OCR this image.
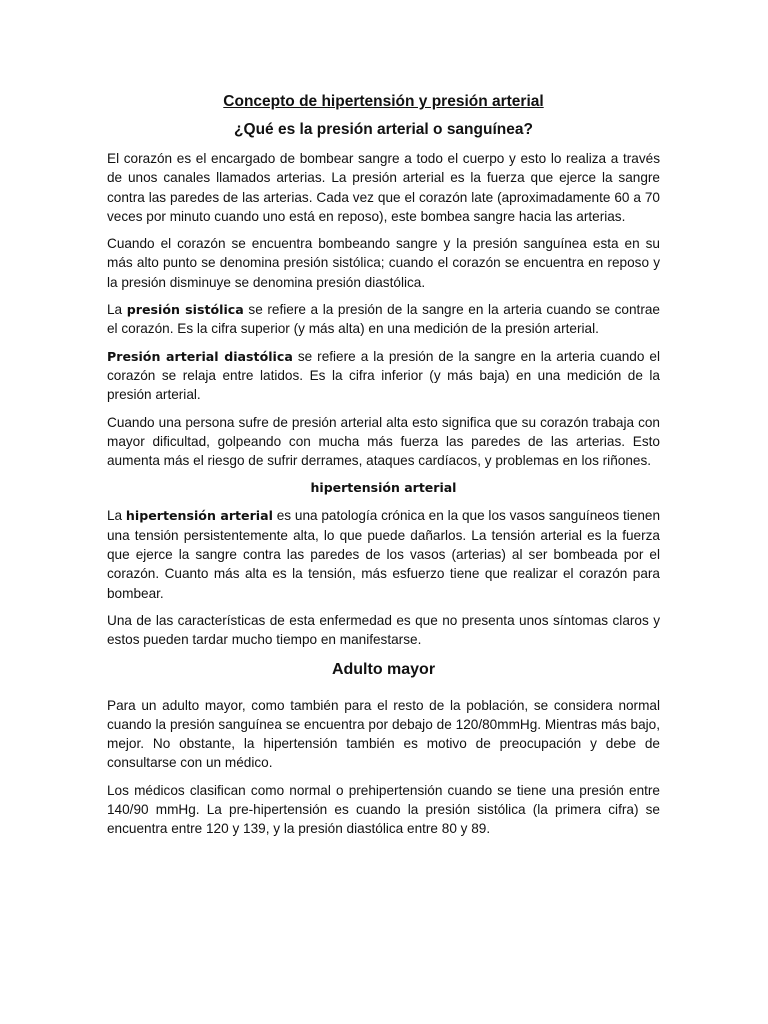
Concepto de hipertensión y presión arterial
¿Qué es la presión arterial o sanguínea?

El corazón es el encargado de bombear sangre a todo el cuerpo y esto lo realiza a través de unos canales llamados arterias. La presión arterial es la fuerza que ejerce la sangre contra las paredes de las arterias. Cada vez que el corazón late (aproximadamente 60 a 70 veces por minuto cuando uno está en reposo), este bombea sangre hacia las arterias.

Cuando el corazón se encuentra bombeando sangre y la presión sanguínea esta en su más alto punto se denomina presión sistólica; cuando el corazón se encuentra en reposo y la presión disminuye se denomina presión diastólica.

La presión sistólica se refiere a la presión de la sangre en la arteria cuando se contrae el corazón. Es la cifra superior (y más alta) en una medición de la presión arterial.

Presión arterial diastólica se refiere a la presión de la sangre en la arteria cuando el corazón se relaja entre latidos. Es la cifra inferior (y más baja) en una medición de la presión arterial.

Cuando una persona sufre de presión arterial alta esto significa que su corazón trabaja con mayor dificultad, golpeando con mucha más fuerza las paredes de las arterias. Esto aumenta más el riesgo de sufrir derrames, ataques cardíacos, y problemas en los riñones.

hipertensión arterial

La hipertensión arterial es una patología crónica en la que los vasos sanguíneos tienen una tensión persistentemente alta, lo que puede dañarlos. La tensión arterial es la fuerza que ejerce la sangre contra las paredes de los vasos (arterias) al ser bombeada por el corazón. Cuanto más alta es la tensión, más esfuerzo tiene que realizar el corazón para bombear.

Una de las características de esta enfermedad es que no presenta unos síntomas claros y estos pueden tardar mucho tiempo en manifestarse.

Adulto mayor

Para un adulto mayor, como también para el resto de la población, se considera normal cuando la presión sanguínea se encuentra por debajo de 120/80mmHg. Mientras más bajo, mejor. No obstante, la hipertensión también es motivo de preocupación y debe de consultarse con un médico.

Los médicos clasifican como normal o prehipertensión cuando se tiene una presión entre 140/90 mmHg. La pre-hipertensión es cuando la presión sistólica (la primera cifra) se encuentra entre 120 y 139, y la presión diastólica entre 80 y 89.
